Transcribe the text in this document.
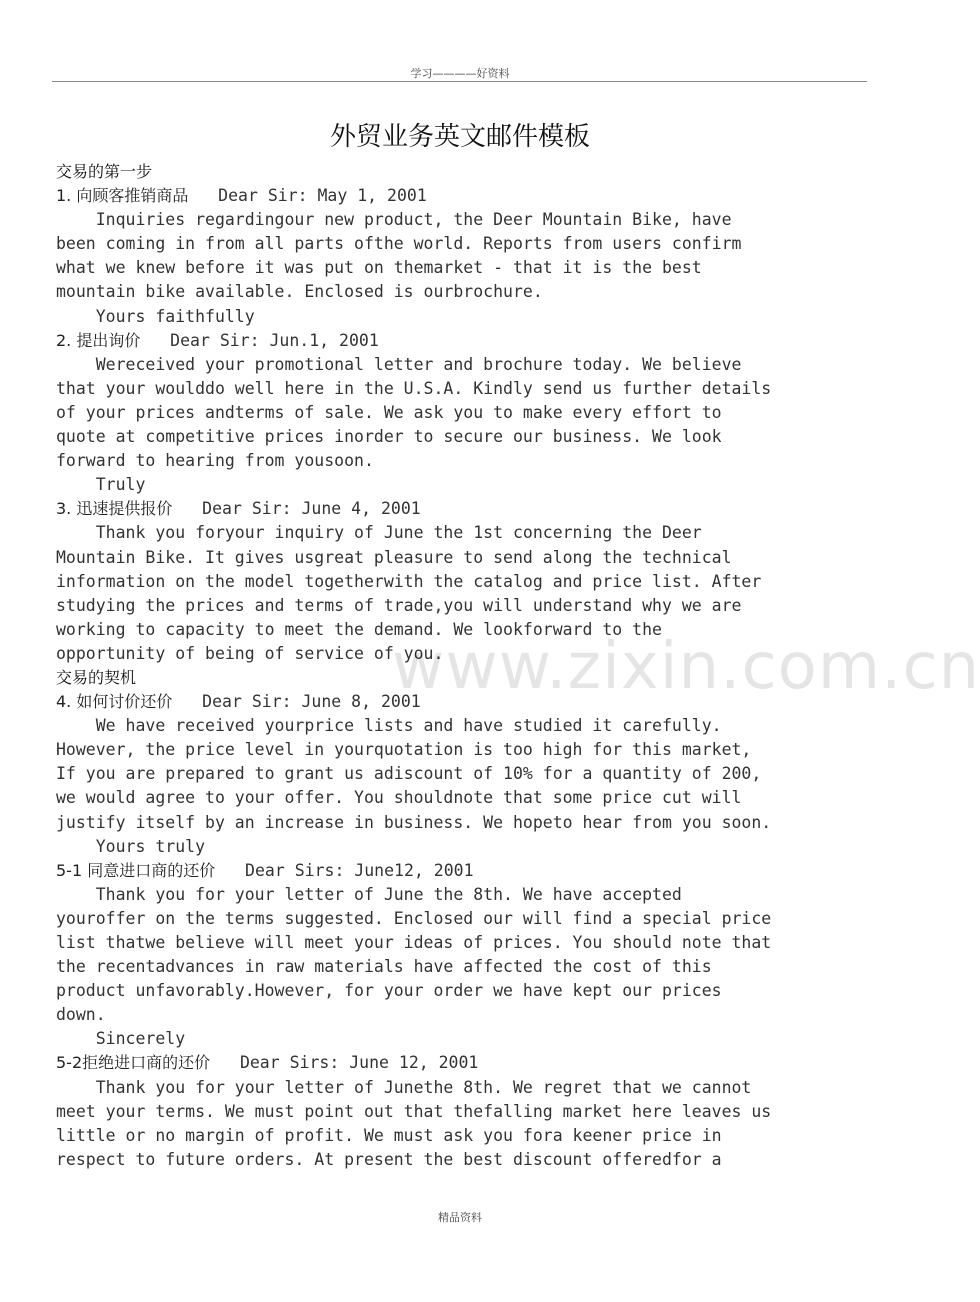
学习————好资料
外贸业务英文邮件模板
交易的第一步
1. 向顾客推销商品   Dear Sir: May 1, 2001
Inquiries regardingour new product, the Deer Mountain Bike, have
been coming in from all parts ofthe world. Reports from users confirm
what we knew before it was put on themarket - that it is the best
mountain bike available. Enclosed is ourbrochure.
Yours faithfully
2. 提出询价   Dear Sir: Jun.1, 2001
Wereceived your promotional letter and brochure today. We believe
that your woulddo well here in the U.S.A. Kindly send us further details
of your prices andterms of sale. We ask you to make every effort to
quote at competitive prices inorder to secure our business. We look
forward to hearing from yousoon.
Truly
3. 迅速提供报价   Dear Sir: June 4, 2001
Thank you foryour inquiry of June the 1st concerning the Deer
Mountain Bike. It gives usgreat pleasure to send along the technical
information on the model togetherwith the catalog and price list. After
studying the prices and terms of trade,you will understand why we are
working to capacity to meet the demand. We lookforward to the
opportunity of being of service of you.
交易的契机
4. 如何讨价还价   Dear Sir: June 8, 2001
We have received yourprice lists and have studied it carefully.
However, the price level in yourquotation is too high for this market,
If you are prepared to grant us adiscount of 10% for a quantity of 200,
we would agree to your offer. You shouldnote that some price cut will
justify itself by an increase in business. We hopeto hear from you soon.
Yours truly
5-1 同意进口商的还价   Dear Sirs: June12, 2001
Thank you for your letter of June the 8th. We have accepted
youroffer on the terms suggested. Enclosed our will find a special price
list thatwe believe will meet your ideas of prices. You should note that
the recentadvances in raw materials have affected the cost of this
product unfavorably.However, for your order we have kept our prices
down.
Sincerely
5-2拒绝进口商的还价   Dear Sirs: June 12, 2001
Thank you for your letter of Junethe 8th. We regret that we cannot
meet your terms. We must point out that thefalling market here leaves us
little or no margin of profit. We must ask you fora keener price in
respect to future orders. At present the best discount offeredfor a
www.zixin.com.cn
精品资料
